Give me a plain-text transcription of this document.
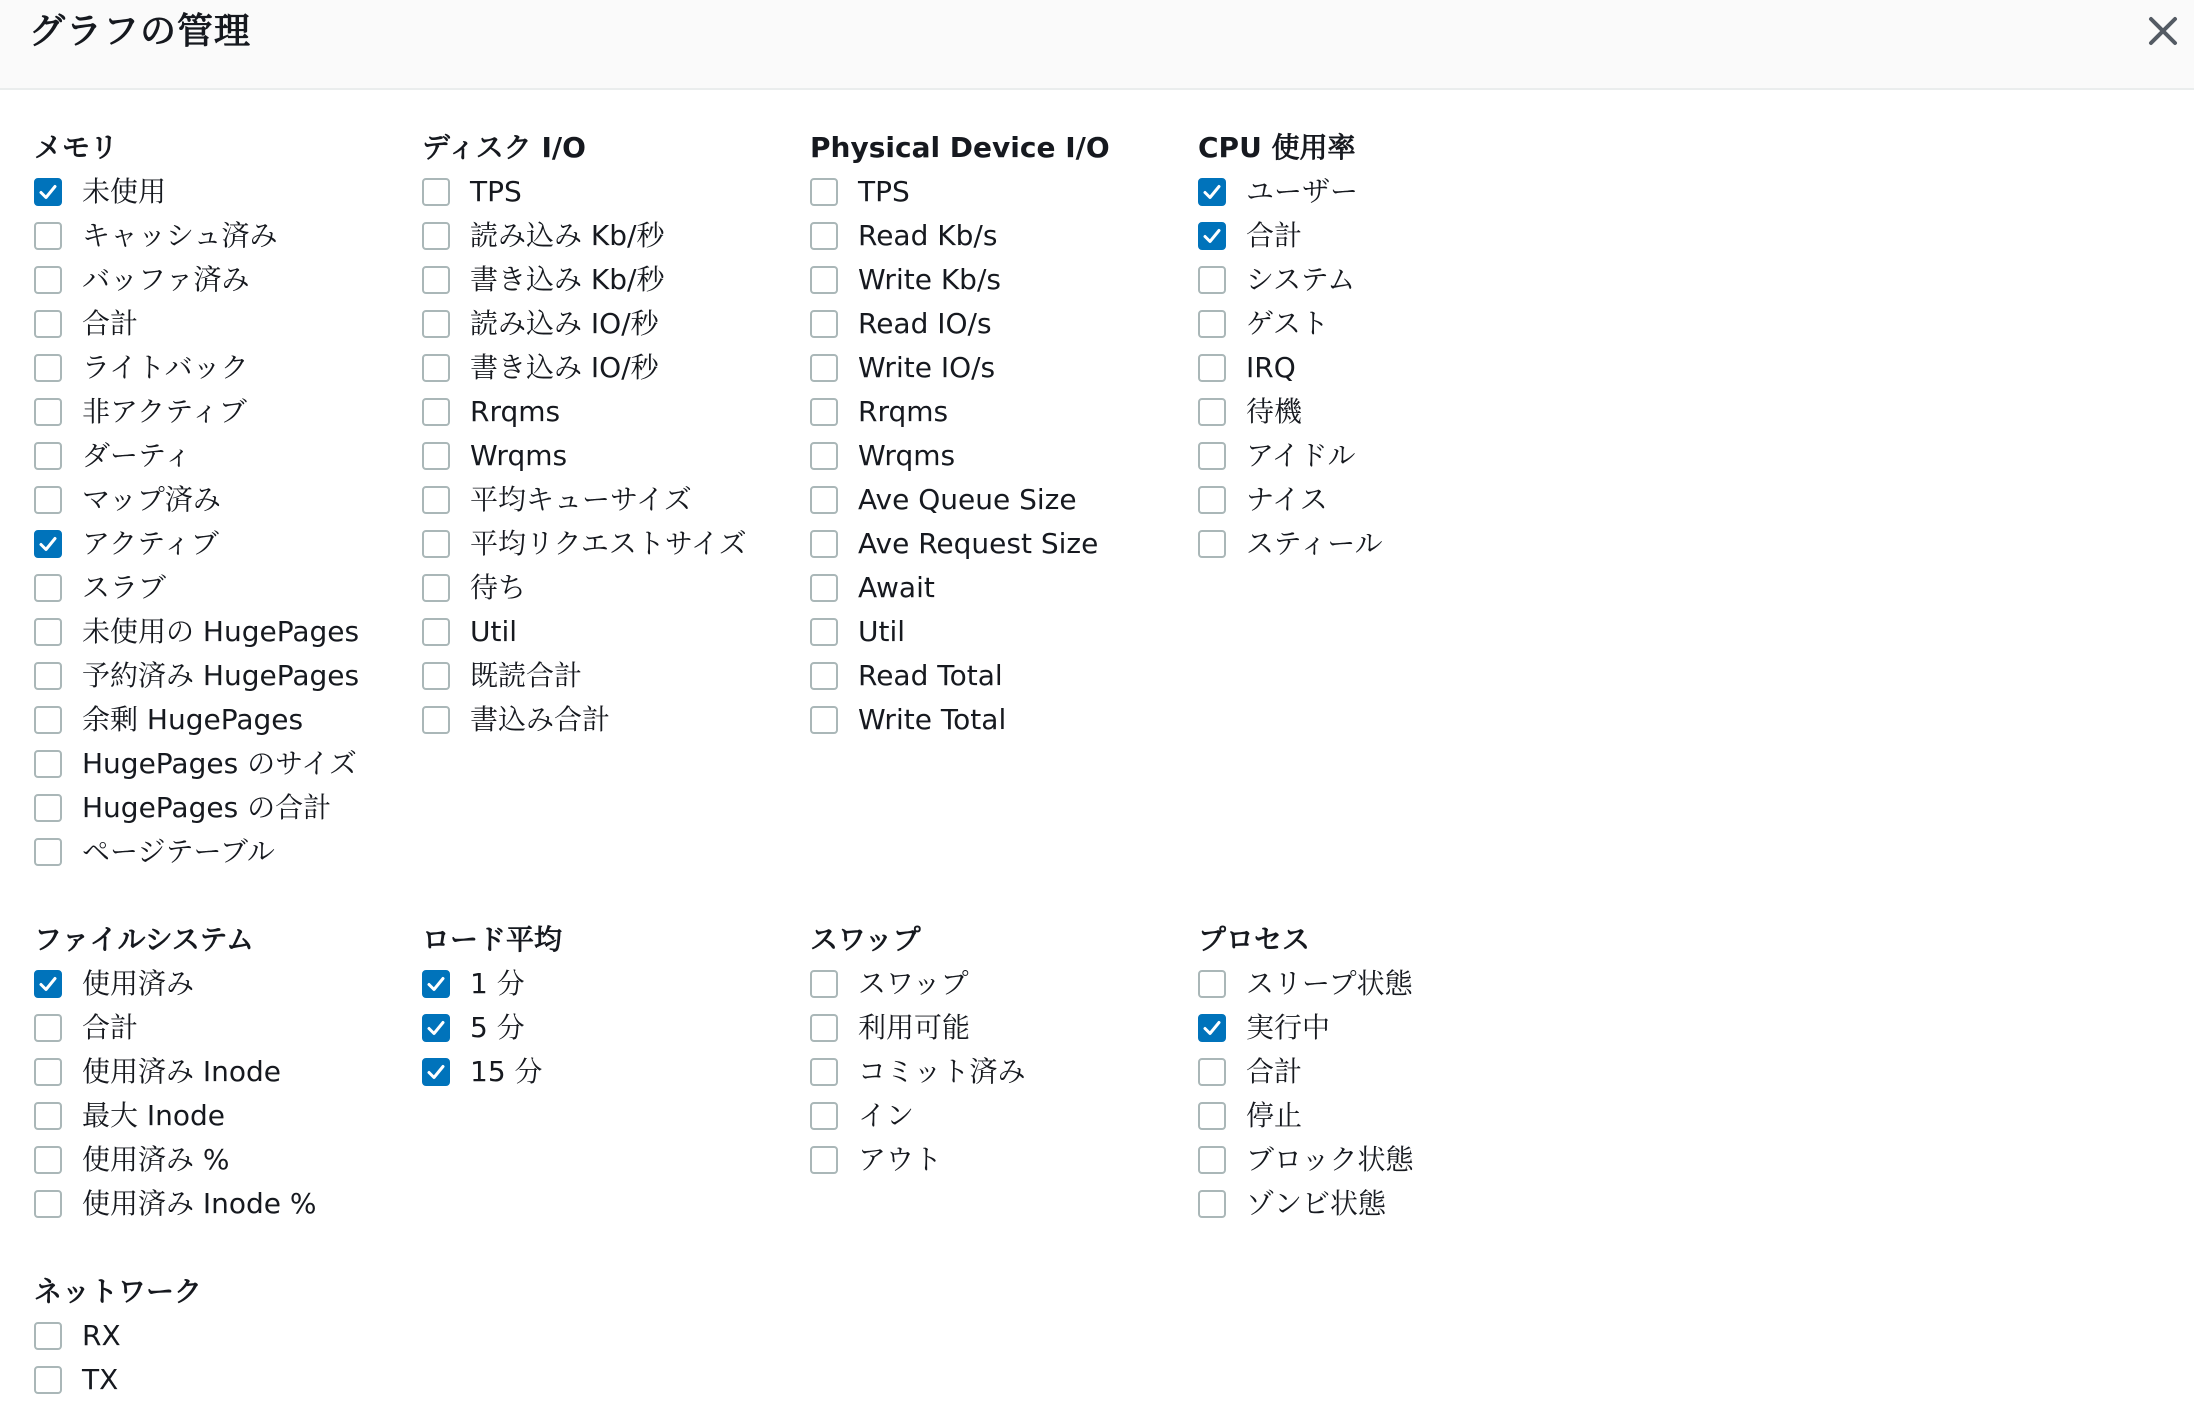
グラフの管理
メモリ
未使用
キャッシュ済み
バッファ済み
合計
ライトバック
非アクティブ
ダーティ
マップ済み
アクティブ
スラブ
未使用の HugePages
予約済み HugePages
余剰 HugePages
HugePages のサイズ
HugePages の合計
ページテーブル
ディスク I/O
TPS
読み込み Kb/秒
書き込み Kb/秒
読み込み IO/秒
書き込み IO/秒
Rrqms
Wrqms
平均キューサイズ
平均リクエストサイズ
待ち
Util
既読合計
書込み合計
Physical Device I/O
TPS
Read Kb/s
Write Kb/s
Read IO/s
Write IO/s
Rrqms
Wrqms
Ave Queue Size
Ave Request Size
Await
Util
Read Total
Write Total
CPU 使用率
ユーザー
合計
システム
ゲスト
IRQ
待機
アイドル
ナイス
スティール
ファイルシステム
使用済み
合計
使用済み Inode
最大 Inode
使用済み %
使用済み Inode %
ロード平均
1 分
5 分
15 分
スワップ
スワップ
利用可能
コミット済み
イン
アウト
プロセス
スリープ状態
実行中
合計
停止
ブロック状態
ゾンビ状態
ネットワーク
RX
TX
